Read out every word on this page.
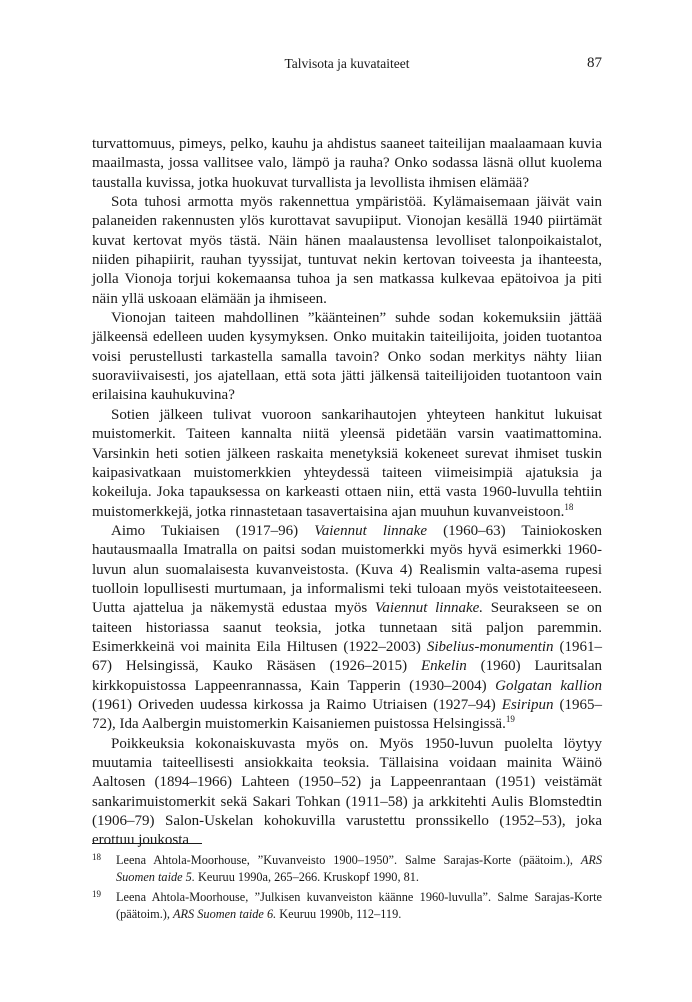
Talvisota ja kuvataiteet	87

turvattomuus, pimeys, pelko, kauhu ja ahdistus saaneet taiteilijan maalaamaan kuvia maailmasta, jossa vallitsee valo, lämpö ja rauha? Onko sodassa läsnä ollut kuolema taustalla kuvissa, jotka huokuvat turvallista ja levollista ihmisen elämää?

Sota tuhosi armotta myös rakennettua ympäristöä. Kylämaisemaan jäivät vain palaneiden rakennusten ylös kurottavat savupiiput. Vionojan kesällä 1940 piirtämät kuvat kertovat myös tästä. Näin hänen maalaustensa levolliset talonpoikaistalot, niiden pihapiirit, rauhan tyyssijat, tuntuvat nekin kertovan toiveesta ja ihanteesta, jolla Vionoja torjui kokemaansa tuhoa ja sen matkassa kulkevaa epätoivoa ja piti näin yllä uskoaan elämään ja ihmiseen.

Vionojan taiteen mahdollinen ”käänteinen” suhde sodan kokemuksiin jättää jälkeensä edelleen uuden kysymyksen. Onko muitakin taiteilijoita, joiden tuotantoa voisi perustellusti tarkastella samalla tavoin? Onko sodan merkitys nähty liian suoraviivaisesti, jos ajatellaan, että sota jätti jälkensä taiteilijoiden tuotantoon vain erilaisina kauhukuvina?

Sotien jälkeen tulivat vuoroon sankarihautojen yhteyteen hankitut lukuisat muistomerkit. Taiteen kannalta niitä yleensä pidetään varsin vaatimattomina. Varsinkin heti sotien jälkeen raskaita menetyksiä kokeneet surevat ihmiset tuskin kaipasivatkaan muistomerkkien yhteydessä taiteen viimeisimpiä ajatuksia ja kokeiluja. Joka tapauksessa on karkeasti ottaen niin, että vasta 1960-luvulla tehtiin muistomerkkejä, jotka rinnastetaan tasavertaisina ajan muuhun kuvanveistoon.$^{18}$

Aimo Tukiaisen (1917–96) Vaiennut linnake (1960–63) Tainiokosken hautausmaalla Imatralla on paitsi sodan muistomerkki myös hyvä esimerkki 1960-luvun alun suomalaisesta kuvanveistosta. (Kuva 4) Realismin valta-asema rupesi tuolloin lopullisesti murtumaan, ja informalismi teki tuloaan myös veistotaiteeseen. Uutta ajattelua ja näkemystä edustaa myös Vaiennut linnake. Seurakseen se on taiteen historiassa saanut teoksia, jotka tunnetaan sitä paljon paremmin. Esimerkkeinä voi mainita Eila Hiltusen (1922–2003) Sibelius-monumentin (1961–67) Helsingissä, Kauko Räsäsen (1926–2015) Enkelin (1960) Lauritsalan kirkkopuistossa Lappeenrannassa, Kain Tapperin (1930–2004) Golgatan kallion (1961) Oriveden uudessa kirkossa ja Raimo Utriaisen (1927–94) Esiripun (1965–72), Ida Aalbergin muistomerkin Kaisaniemen puistossa Helsingissä.$^{19}$

Poikkeuksia kokonaiskuvasta myös on. Myös 1950-luvun puolelta löytyy muutamia taiteellisesti ansiokkaita teoksia. Tällaisina voidaan mainita Wäinö Aaltosen (1894–1966) Lahteen (1950–52) ja Lappeenrantaan (1951) veistämät sankarimuistomerkit sekä Sakari Tohkan (1911–58) ja arkkitehti Aulis Blomstedtin (1906–79) Salon-Uskelan kohokuvilla varustettu pronssikello (1952–53), joka erottuu joukosta

18 Leena Ahtola-Moorhouse, ”Kuvanveisto 1900–1950”. Salme Sarajas-Korte (päätoim.), ARS Suomen taide 5. Keuruu 1990a, 265–266. Kruskopf 1990, 81.
19 Leena Ahtola-Moorhouse, ”Julkisen kuvanveiston käänne 1960-luvulla”. Salme Sarajas-Korte (päätoim.), ARS Suomen taide 6. Keuruu 1990b, 112–119.
